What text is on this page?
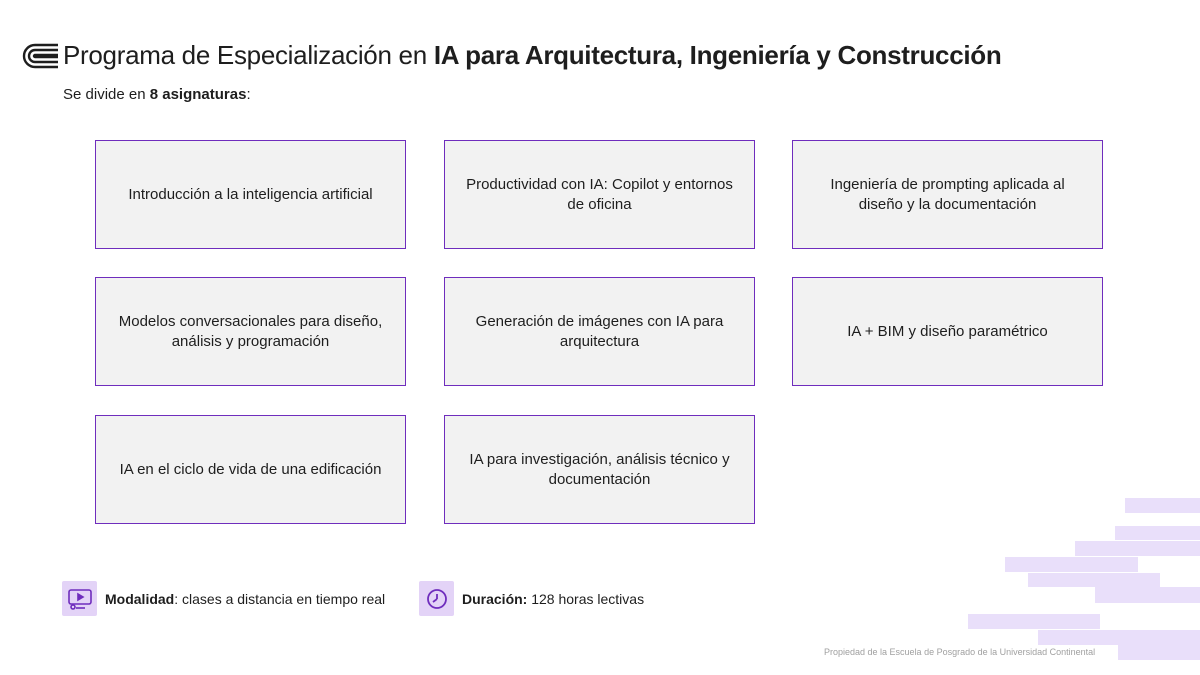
Programa de Especialización en IA para Arquitectura, Ingeniería y Construcción
Se divide en 8 asignaturas:
Introducción a la inteligencia artificial
Productividad con IA: Copilot y entornos de oficina
Ingeniería de prompting aplicada al diseño y la documentación
Modelos conversacionales para diseño, análisis y programación
Generación de imágenes con IA para arquitectura
IA + BIM y diseño paramétrico
IA en el ciclo de vida de una edificación
IA para investigación, análisis técnico y documentación
Modalidad: clases a distancia en tiempo real	Duración: 128 horas lectivas
Propiedad de la Escuela de Posgrado de la Universidad Continental
